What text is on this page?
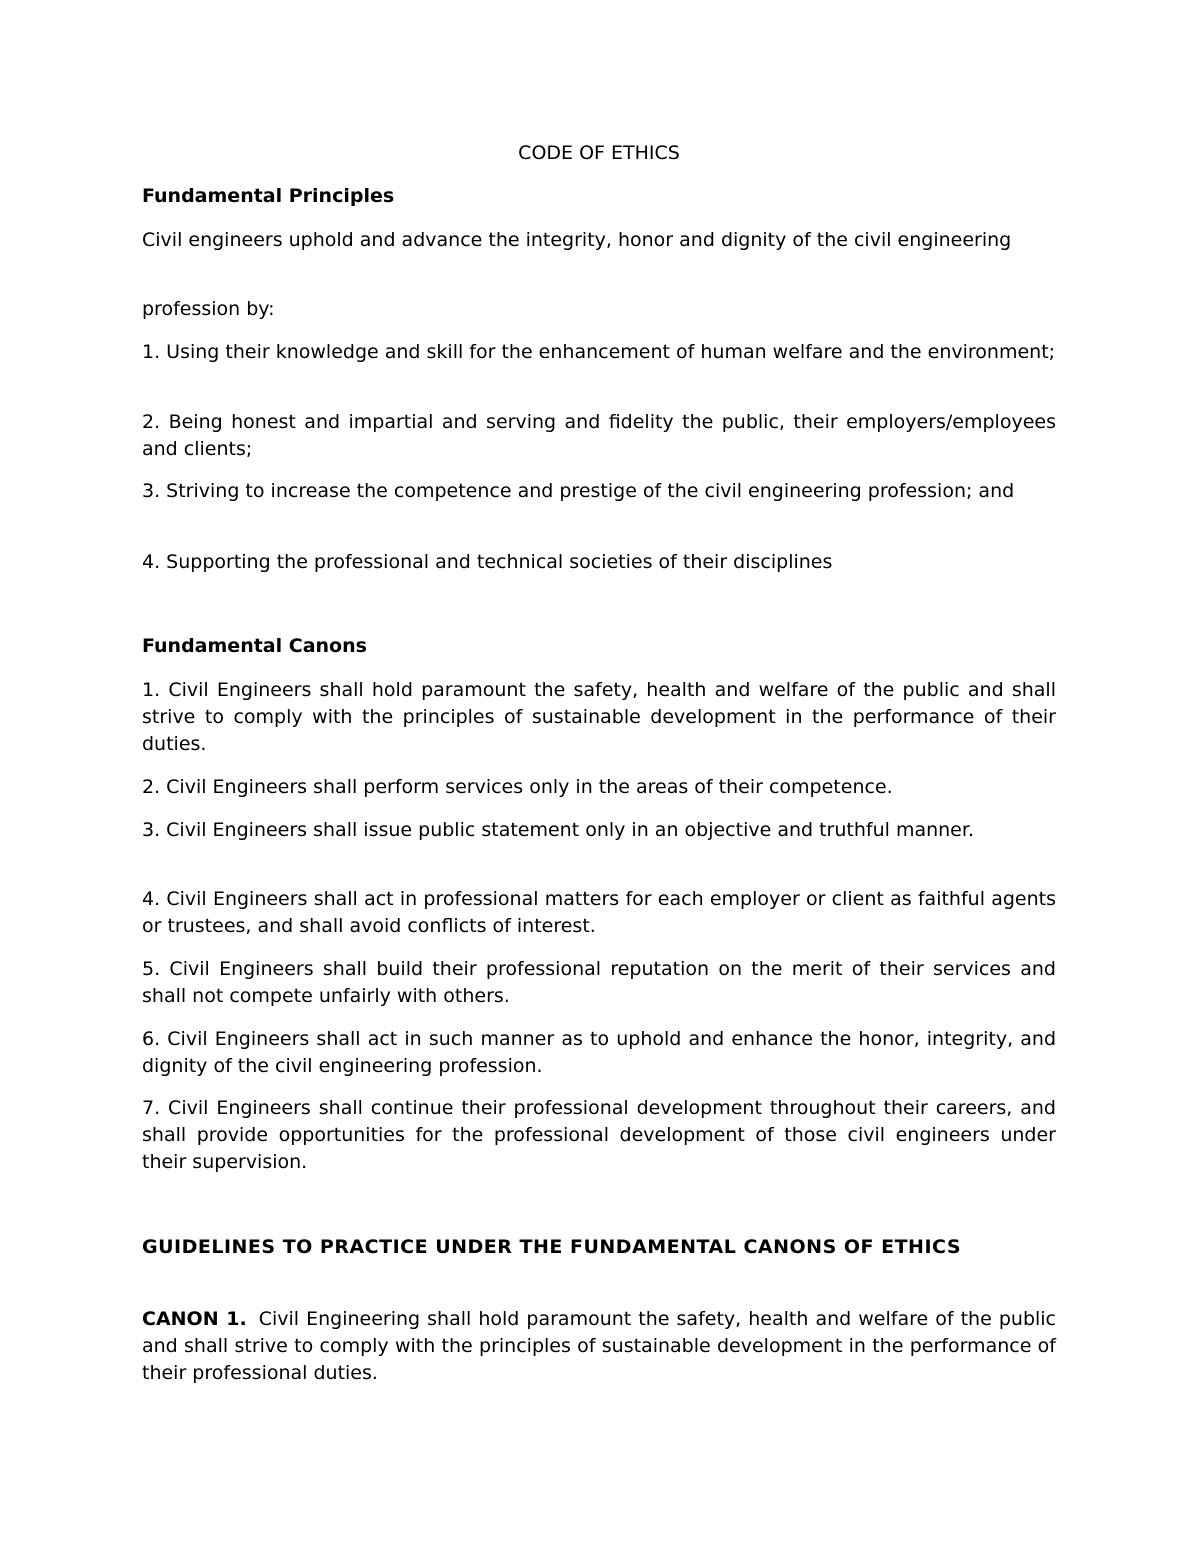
CODE OF ETHICS

Fundamental Principles

Civil engineers uphold and advance the integrity, honor and dignity of the civil engineering

profession by:

1. Using their knowledge and skill for the enhancement of human welfare and the environment;

2. Being honest and impartial and serving and fidelity the public, their employers/employees and clients;

3. Striving to increase the competence and prestige of the civil engineering profession; and

4. Supporting the professional and technical societies of their disciplines

Fundamental Canons

1. Civil Engineers shall hold paramount the safety, health and welfare of the public and shall strive to comply with the principles of sustainable development in the performance of their duties.

2. Civil Engineers shall perform services only in the areas of their competence.

3. Civil Engineers shall issue public statement only in an objective and truthful manner.

4. Civil Engineers shall act in professional matters for each employer or client as faithful agents or trustees, and shall avoid conflicts of interest.

5. Civil Engineers shall build their professional reputation on the merit of their services and shall not compete unfairly with others.

6. Civil Engineers shall act in such manner as to uphold and enhance the honor, integrity, and dignity of the civil engineering profession.

7. Civil Engineers shall continue their professional development throughout their careers, and shall provide opportunities for the professional development of those civil engineers under their supervision.

GUIDELINES TO PRACTICE UNDER THE FUNDAMENTAL CANONS OF ETHICS

CANON 1. Civil Engineering shall hold paramount the safety, health and welfare of the public and shall strive to comply with the principles of sustainable development in the performance of their professional duties.
